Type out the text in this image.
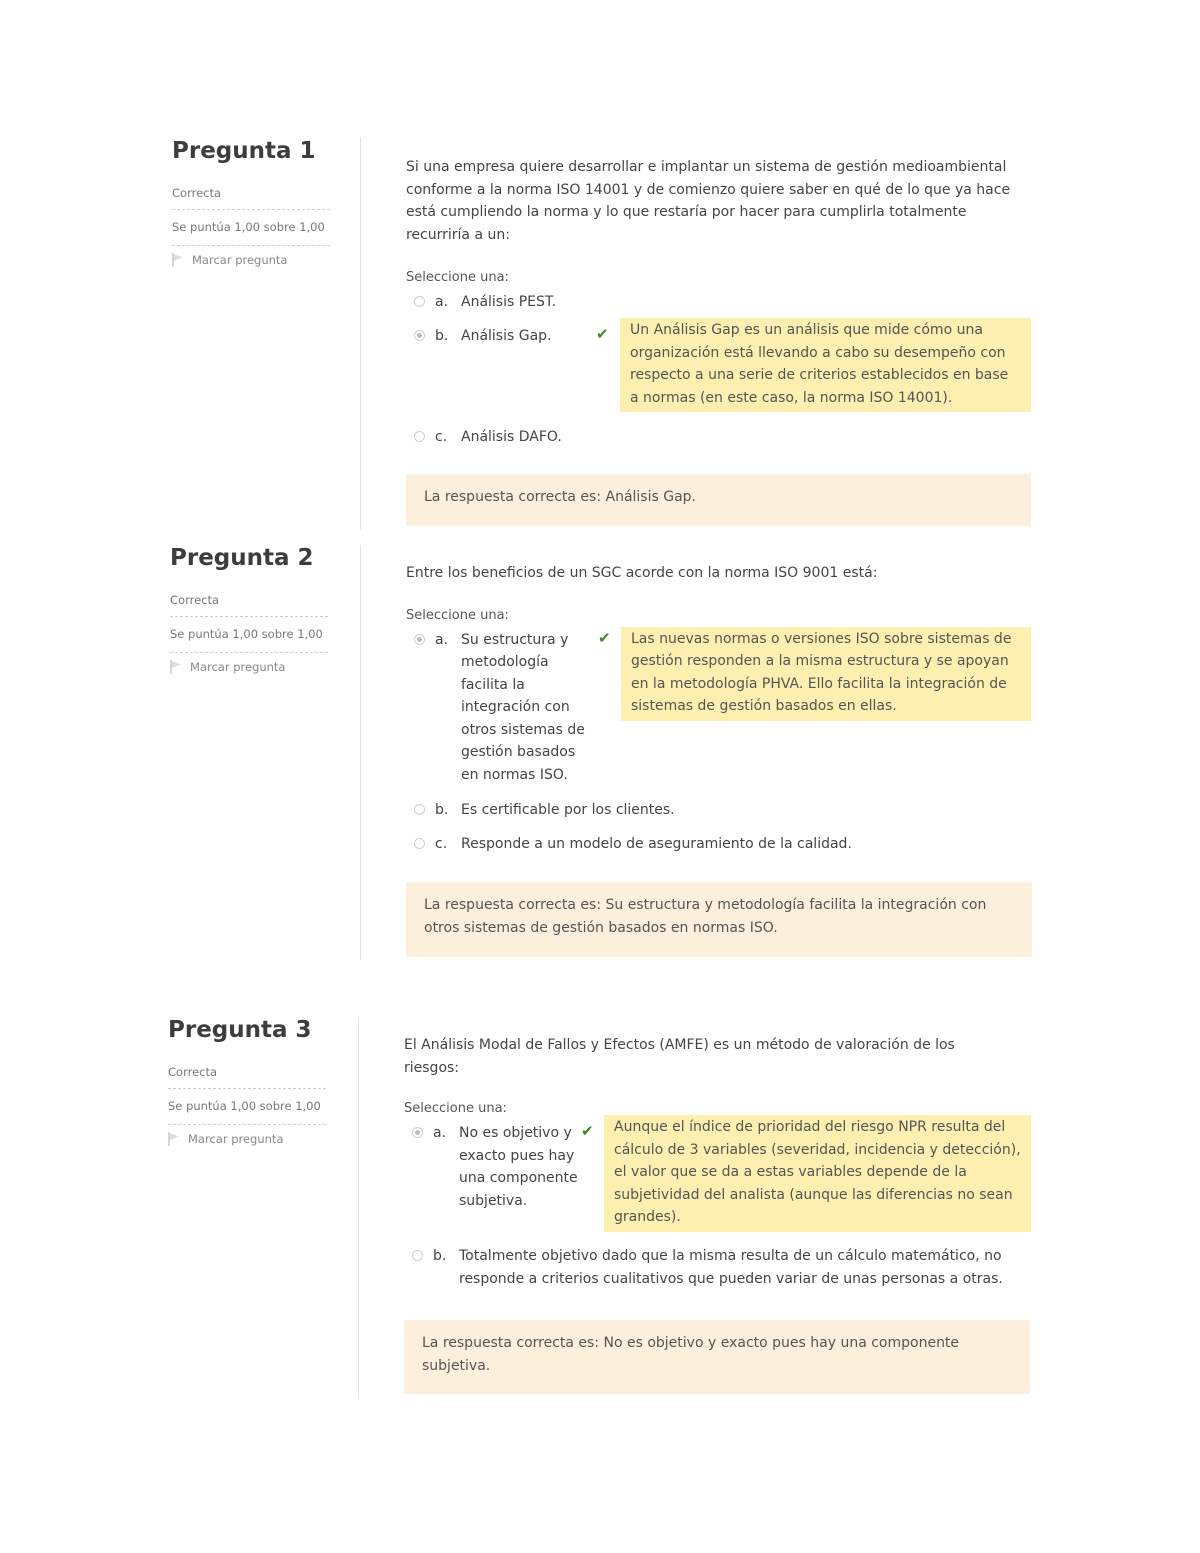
Pregunta 1
Correcta
Se puntúa 1,00 sobre 1,00
Marcar pregunta

Si una empresa quiere desarrollar e implantar un sistema de gestión medioambiental conforme a la norma ISO 14001 y de comienzo quiere saber en qué de lo que ya hace está cumpliendo la norma y lo que restaría por hacer para cumplirla totalmente recurriría a un:

Seleccione una:
a. Análisis PEST.
b. Análisis Gap.	✔	Un Análisis Gap es un análisis que mide cómo una organización está llevando a cabo su desempeño con respecto a una serie de criterios establecidos en base a normas (en este caso, la norma ISO 14001).
c. Análisis DAFO.
La respuesta correcta es: Análisis Gap.
Pregunta 2
Correcta
Se puntúa 1,00 sobre 1,00
Marcar pregunta

Entre los beneficios de un SGC acorde con la norma ISO 9001 está:

Seleccione una:
a. Su estructura y metodología facilita la integración con otros sistemas de gestión basados en normas ISO.
✔	Las nuevas normas o versiones ISO sobre sistemas de gestión responden a la misma estructura y se apoyan en la metodología PHVA. Ello facilita la integración de sistemas de gestión basados en ellas.
b. Es certificable por los clientes.
c. Responde a un modelo de aseguramiento de la calidad.
La respuesta correcta es: Su estructura y metodología facilita la integración con otros sistemas de gestión basados en normas ISO.
Pregunta 3
Correcta
Se puntúa 1,00 sobre 1,00
Marcar pregunta

El Análisis Modal de Fallos y Efectos (AMFE) es un método de valoración de los riesgos:

Seleccione una:
a. No es objetivo y exacto pues hay una componente subjetiva.
✔	Aunque el índice de prioridad del riesgo NPR resulta del cálculo de 3 variables (severidad, incidencia y detección), el valor que se da a estas variables depende de la subjetividad del analista (aunque las diferencias no sean grandes).
b. Totalmente objetivo dado que la misma resulta de un cálculo matemático, no responde a criterios cualitativos que pueden variar de unas personas a otras.
La respuesta correcta es: No es objetivo y exacto pues hay una componente subjetiva.
